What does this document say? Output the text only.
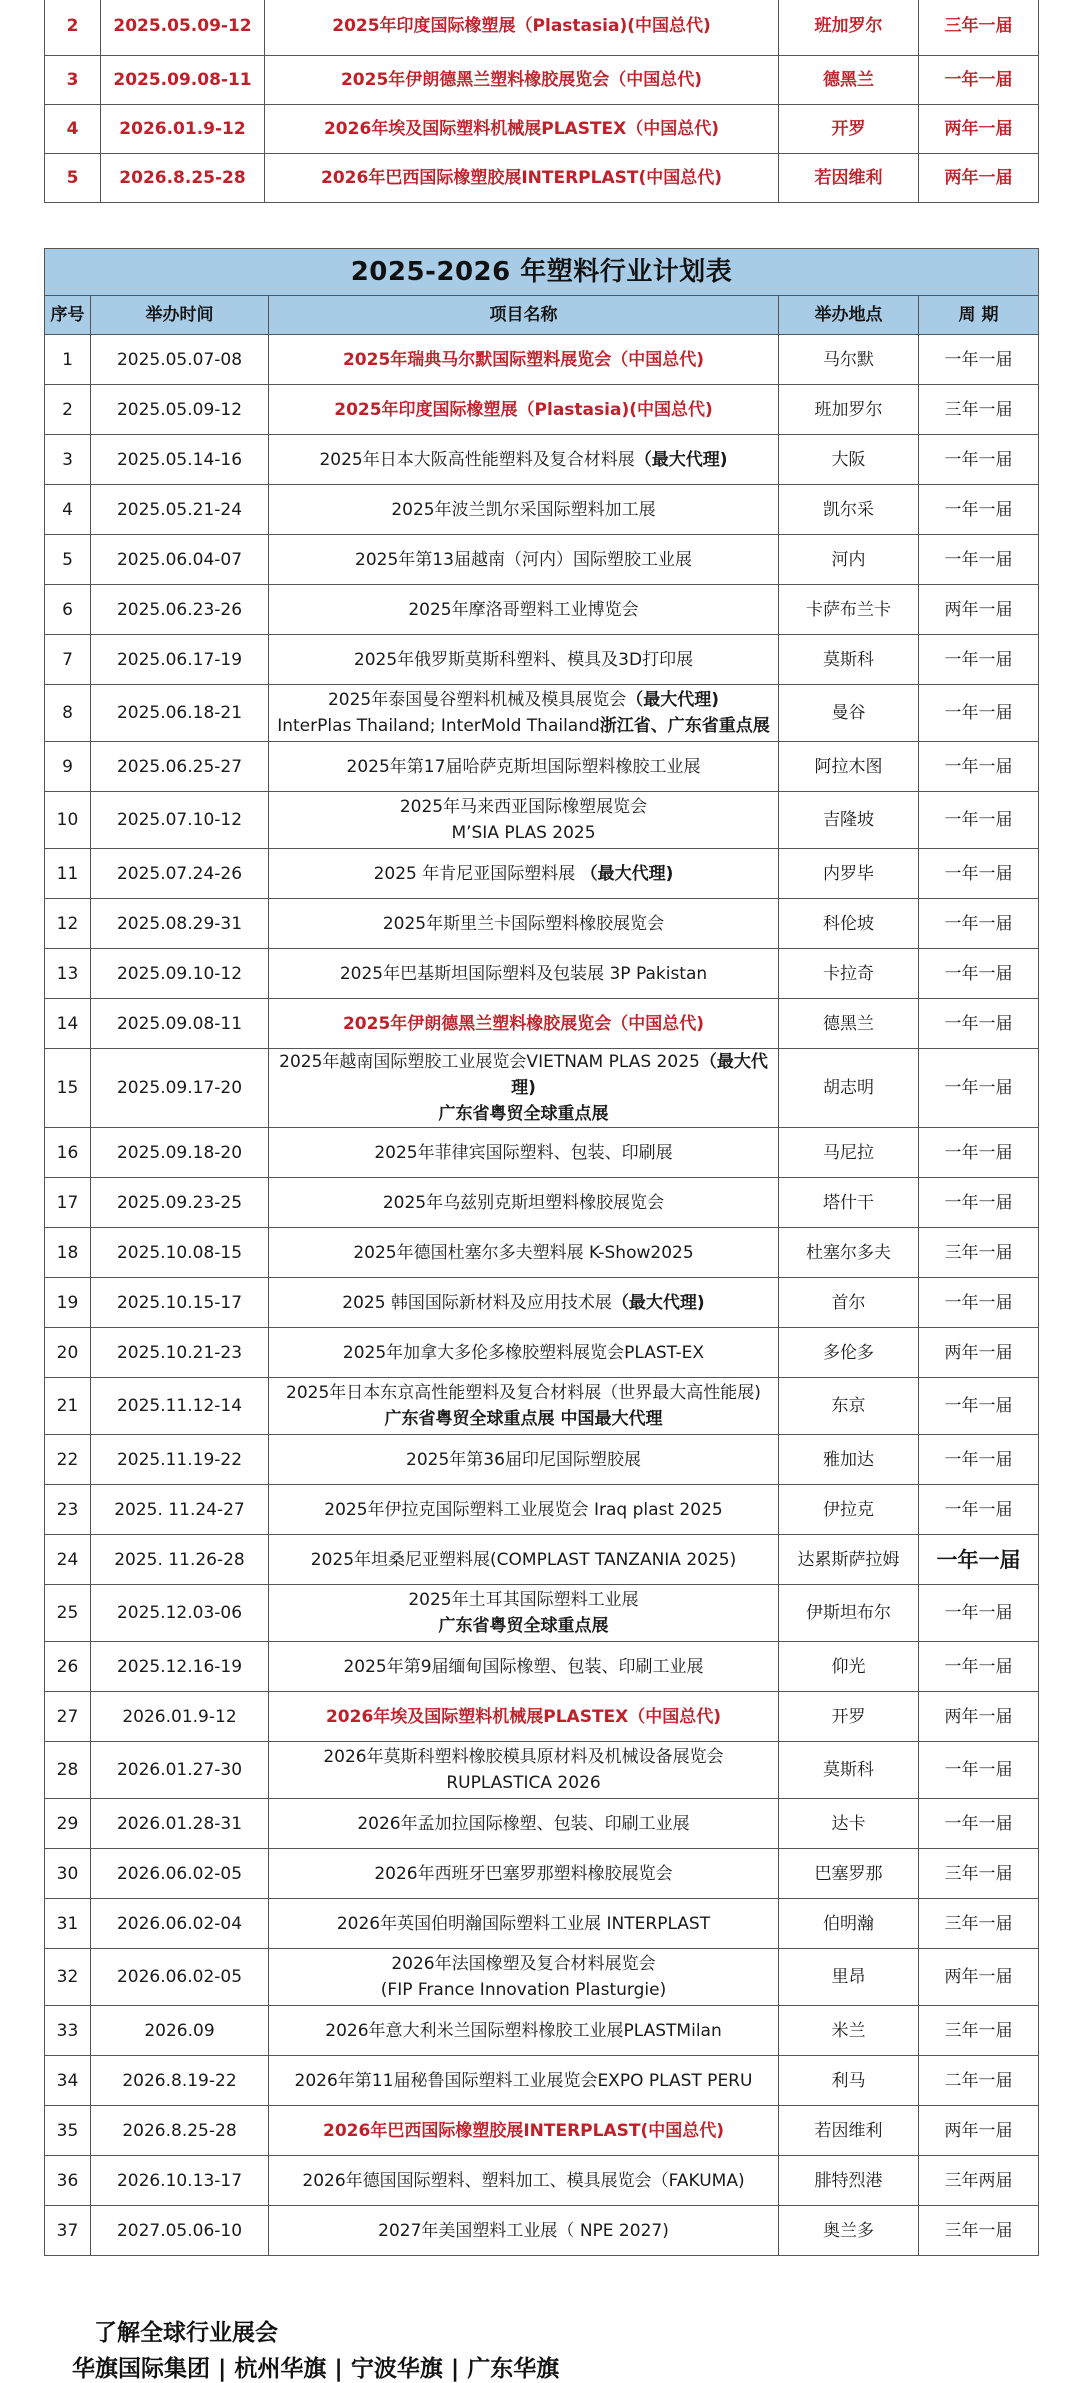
2	2025.05.09-12	2025年印度国际橡塑展（Plastasia)(中国总代)	班加罗尔	三年一届
3	2025.09.08-11	2025年伊朗德黑兰塑料橡胶展览会（中国总代)	德黑兰	一年一届
4	2026.01.9-12	2026年埃及国际塑料机械展PLASTEX（中国总代)	开罗	两年一届
5	2026.8.25-28	2026年巴西国际橡塑胶展INTERPLAST(中国总代)	若因维利	两年一届
2025-2026 年塑料行业计划表				
序号	举办时间	项目名称	举办地点	周 期
1	2025.05.07-08	2025年瑞典马尔默国际塑料展览会（中国总代)	马尔默	一年一届
2	2025.05.09-12	2025年印度国际橡塑展（Plastasia)(中国总代)	班加罗尔	三年一届
3	2025.05.14-16	2025年日本大阪高性能塑料及复合材料展（最大代理)	大阪	一年一届
4	2025.05.21-24	2025年波兰凯尔采国际塑料加工展	凯尔采	一年一届
5	2025.06.04-07	2025年第13届越南（河内）国际塑胶工业展	河内	一年一届
6	2025.06.23-26	2025年摩洛哥塑料工业博览会	卡萨布兰卡	两年一届
7	2025.06.17-19	2025年俄罗斯莫斯科塑料、模具及3D打印展	莫斯科	一年一届
8	2025.06.18-21	2025年泰国曼谷塑料机械及模具展览会（最大代理)
InterPlas Thailand; InterMold Thailand浙江省、广东省重点展	曼谷	一年一届
9	2025.06.25-27	2025年第17届哈萨克斯坦国际塑料橡胶工业展	阿拉木图	一年一届
10	2025.07.10-12	2025年马来西亚国际橡塑展览会
M’SIA PLAS 2025	吉隆坡	一年一届
11	2025.07.24-26	2025 年肯尼亚国际塑料展 （最大代理)	内罗毕	一年一届
12	2025.08.29-31	2025年斯里兰卡国际塑料橡胶展览会	科伦坡	一年一届
13	2025.09.10-12	2025年巴基斯坦国际塑料及包装展 3P Pakistan	卡拉奇	一年一届
14	2025.09.08-11	2025年伊朗德黑兰塑料橡胶展览会（中国总代)	德黑兰	一年一届
15	2025.09.17-20	2025年越南国际塑胶工业展览会VIETNAM PLAS 2025（最大代理)
广东省粤贸全球重点展	胡志明	一年一届
16	2025.09.18-20	2025年菲律宾国际塑料、包装、印刷展	马尼拉	一年一届
17	2025.09.23-25	2025年乌兹别克斯坦塑料橡胶展览会	塔什干	一年一届
18	2025.10.08-15	2025年德国杜塞尔多夫塑料展 K-Show2025	杜塞尔多夫	三年一届
19	2025.10.15-17	2025 韩国国际新材料及应用技术展（最大代理)	首尔	一年一届
20	2025.10.21-23	2025年加拿大多伦多橡胶塑料展览会PLAST-EX	多伦多	两年一届
21	2025.11.12-14	2025年日本东京高性能塑料及复合材料展（世界最大高性能展)
广东省粤贸全球重点展 中国最大代理	东京	一年一届
22	2025.11.19-22	2025年第36届印尼国际塑胶展	雅加达	一年一届
23	2025. 11.24-27	2025年伊拉克国际塑料工业展览会 Iraq plast 2025	伊拉克	一年一届
24	2025. 11.26-28	2025年坦桑尼亚塑料展(COMPLAST TANZANIA 2025)	达累斯萨拉姆	一年一届
25	2025.12.03-06	2025年土耳其国际塑料工业展
广东省粤贸全球重点展	伊斯坦布尔	一年一届
26	2025.12.16-19	2025年第9届缅甸国际橡塑、包装、印刷工业展	仰光	一年一届
27	2026.01.9-12	2026年埃及国际塑料机械展PLASTEX（中国总代)	开罗	两年一届
28	2026.01.27-30	2026年莫斯科塑料橡胶模具原材料及机械设备展览会
RUPLASTICA 2026	莫斯科	一年一届
29	2026.01.28-31	2026年孟加拉国际橡塑、包装、印刷工业展	达卡	一年一届
30	2026.06.02-05	2026年西班牙巴塞罗那塑料橡胶展览会	巴塞罗那	三年一届
31	2026.06.02-04	2026年英国伯明瀚国际塑料工业展 INTERPLAST	伯明瀚	三年一届
32	2026.06.02-05	2026年法国橡塑及复合材料展览会
(FIP France Innovation Plasturgie)	里昂	两年一届
33	2026.09	2026年意大利米兰国际塑料橡胶工业展PLASTMilan	米兰	三年一届
34	2026.8.19-22	2026年第11届秘鲁国际塑料工业展览会EXPO PLAST PERU	利马	二年一届
35	2026.8.25-28	2026年巴西国际橡塑胶展INTERPLAST(中国总代)	若因维利	两年一届
36	2026.10.13-17	2026年德国国际塑料、塑料加工、模具展览会（FAKUMA)	腓特烈港	三年两届
37	2027.05.06-10	2027年美国塑料工业展（ NPE 2027)	奥兰多	三年一届
了解全球行业展会
华旗国际集团 | 杭州华旗 | 宁波华旗 | 广东华旗
